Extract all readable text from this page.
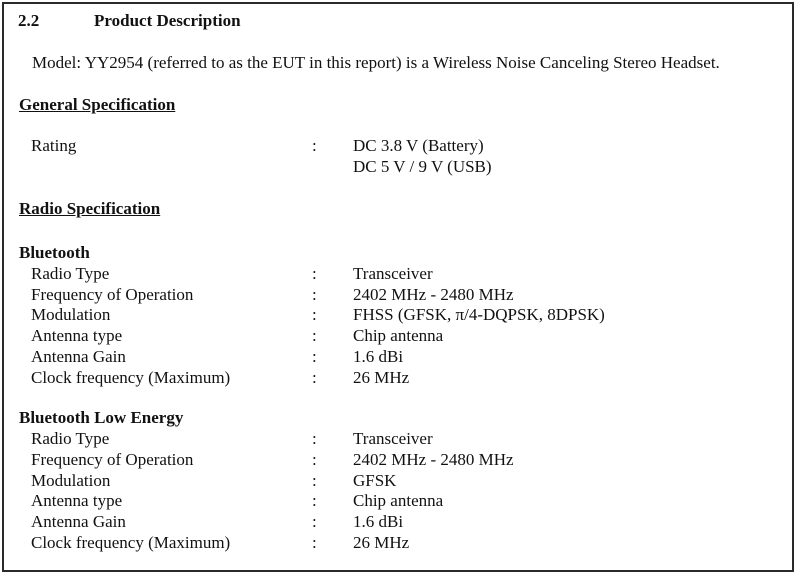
2.2	Product Description
Model: YY2954 (referred to as the EUT in this report) is a Wireless Noise Canceling Stereo Headset.
General Specification
Rating	: DC 3.8 V (Battery)
DC 5 V / 9 V (USB)
Radio Specification
Bluetooth
Radio Type	: Transceiver
Frequency of Operation	: 2402 MHz - 2480 MHz
Modulation	: FHSS (GFSK, π/4-DQPSK, 8DPSK)
Antenna type	: Chip antenna
Antenna Gain	: 1.6 dBi
Clock frequency (Maximum)	: 26 MHz
Bluetooth Low Energy
Radio Type	: Transceiver
Frequency of Operation	: 2402 MHz - 2480 MHz
Modulation	: GFSK
Antenna type	: Chip antenna
Antenna Gain	: 1.6 dBi
Clock frequency (Maximum)	: 26 MHz
